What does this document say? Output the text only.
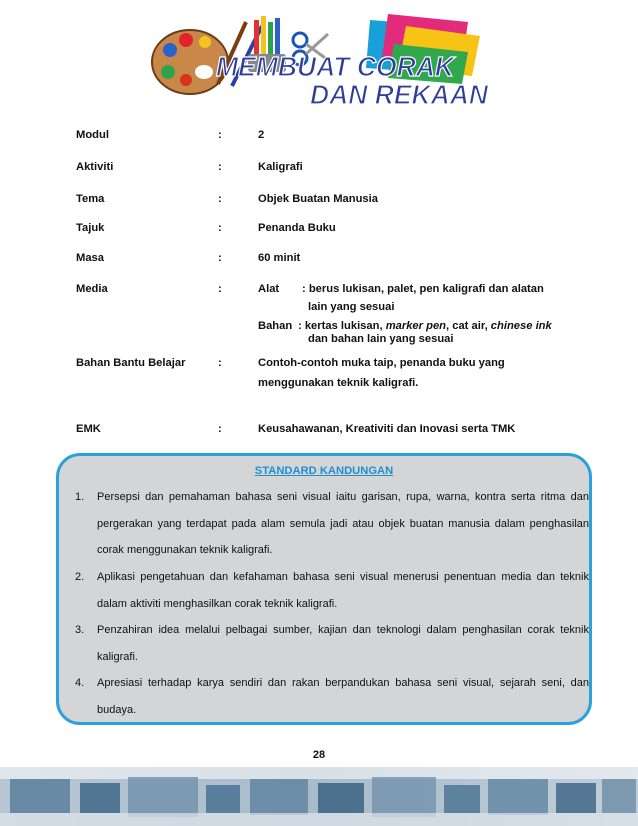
MEMBUAT CORAK
DAN REKAAN
Modul	:	2
Aktiviti	:	Kaligrafi
Tema	:	Objek Buatan Manusia
Tajuk	:	Penanda Buku
Masa	:	60 minit
Media	:	Alat : berus lukisan, palet, pen kaligrafi dan alatan
lain yang sesuai
Bahan : kertas lukisan, marker pen, cat air, chinese ink
dan bahan lain yang sesuai
Bahan Bantu Belajar	:	Contoh-contoh muka taip, penanda buku yang
menggunakan teknik kaligrafi.
EMK	:	Keusahawanan, Kreativiti dan Inovasi serta TMK
STANDARD KANDUNGAN
1. Persepsi dan pemahaman bahasa seni visual iaitu garisan, rupa, warna, kontra serta ritma dan pergerakan yang terdapat pada alam semula jadi atau objek buatan manusia dalam penghasilan corak menggunakan teknik kaligrafi.
2. Aplikasi pengetahuan dan kefahaman bahasa seni visual menerusi penentuan media dan teknik dalam aktiviti menghasilkan corak teknik kaligrafi.
3. Penzahiran idea melalui pelbagai sumber, kajian dan teknologi dalam penghasilan corak teknik kaligrafi.
4. Apresiasi terhadap karya sendiri dan rakan berpandukan bahasa seni visual, sejarah seni, dan budaya.
28
